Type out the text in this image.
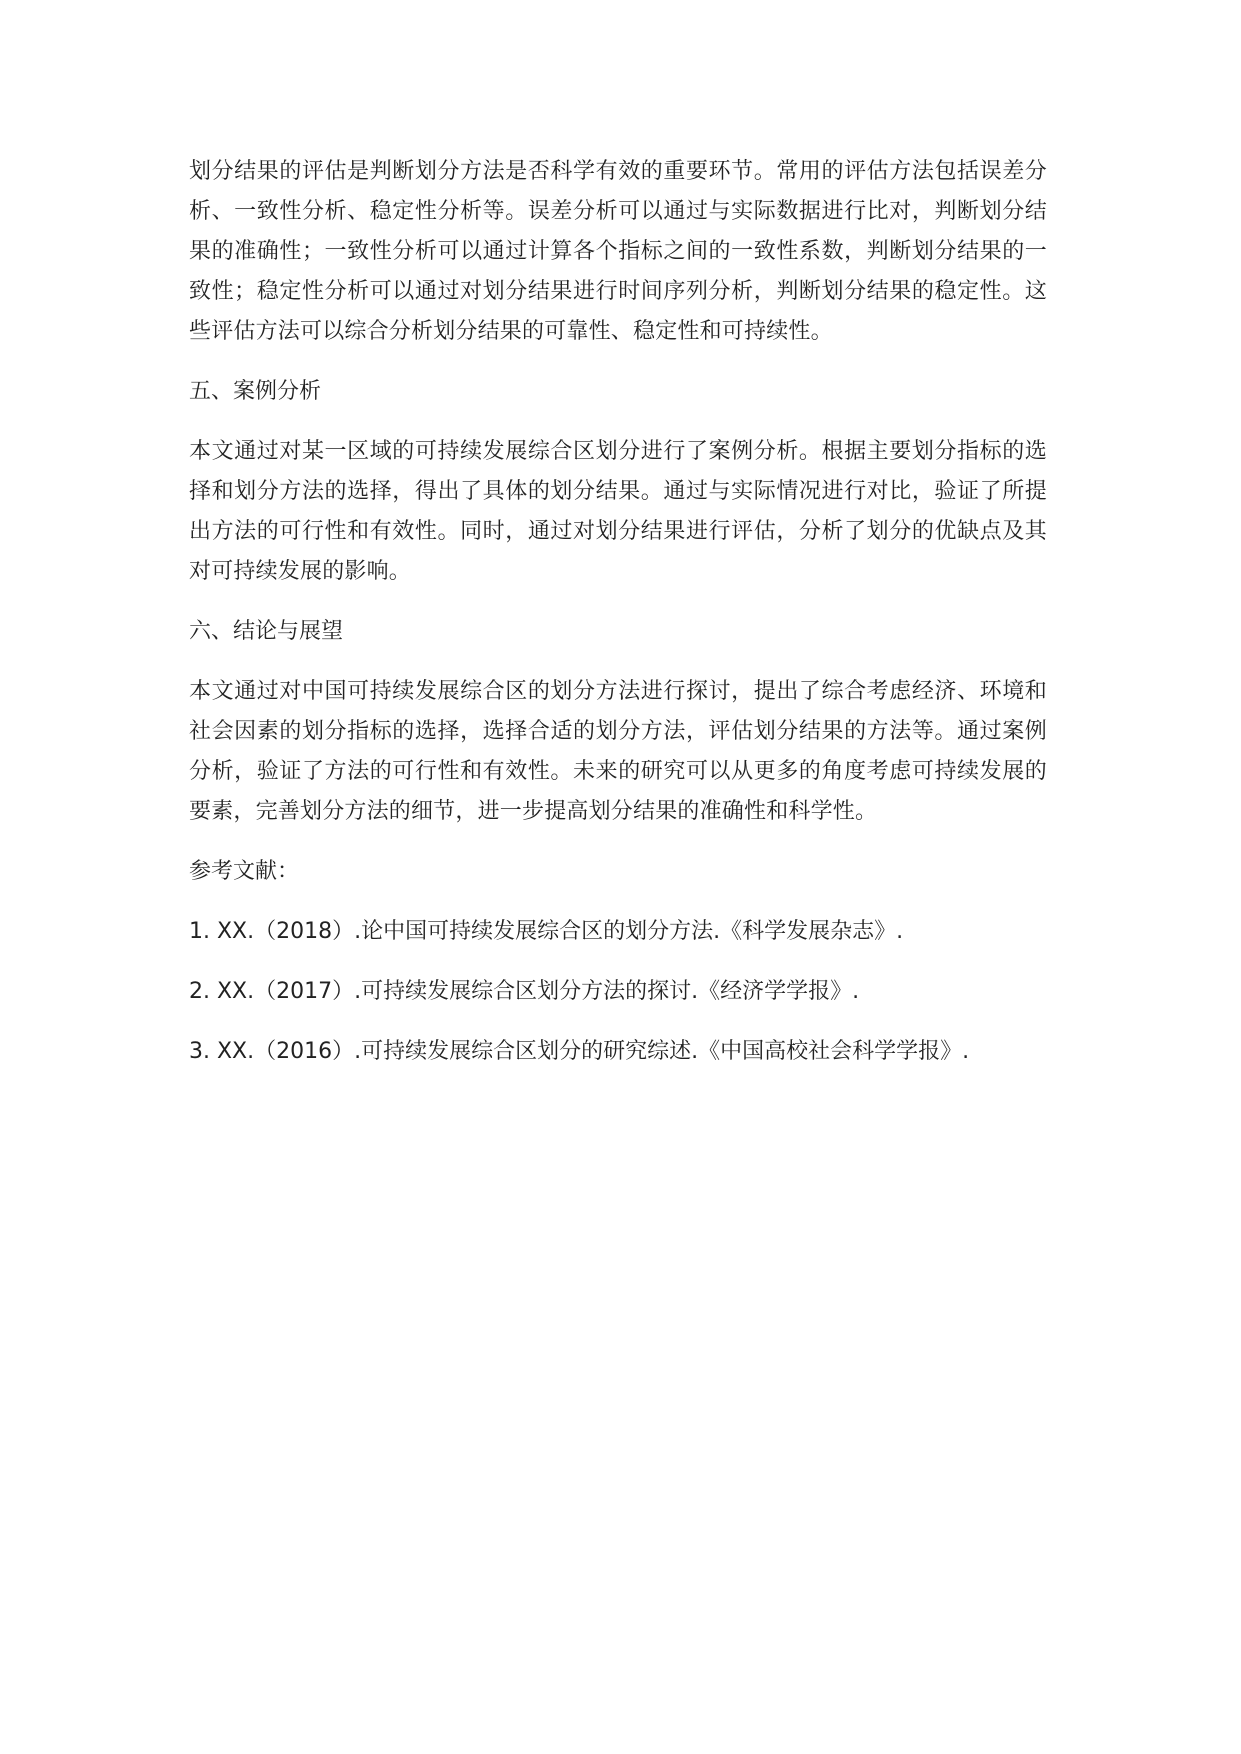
划分结果的评估是判断划分方法是否科学有效的重要环节。常用的评估方法包括误差分析、一致性分析、稳定性分析等。误差分析可以通过与实际数据进行比对，判断划分结果的准确性；一致性分析可以通过计算各个指标之间的一致性系数，判断划分结果的一致性；稳定性分析可以通过对划分结果进行时间序列分析，判断划分结果的稳定性。这些评估方法可以综合分析划分结果的可靠性、稳定性和可持续性。

五、案例分析

本文通过对某一区域的可持续发展综合区划分进行了案例分析。根据主要划分指标的选择和划分方法的选择，得出了具体的划分结果。通过与实际情况进行对比，验证了所提出方法的可行性和有效性。同时，通过对划分结果进行评估，分析了划分的优缺点及其对可持续发展的影响。

六、结论与展望

本文通过对中国可持续发展综合区的划分方法进行探讨，提出了综合考虑经济、环境和社会因素的划分指标的选择，选择合适的划分方法，评估划分结果的方法等。通过案例分析，验证了方法的可行性和有效性。未来的研究可以从更多的角度考虑可持续发展的要素，完善划分方法的细节，进一步提高划分结果的准确性和科学性。

参考文献：

1. XX.（2018）.论中国可持续发展综合区的划分方法.《科学发展杂志》.
2. XX.（2017）.可持续发展综合区划分方法的探讨.《经济学学报》.
3. XX.（2016）.可持续发展综合区划分的研究综述.《中国高校社会科学学报》.
